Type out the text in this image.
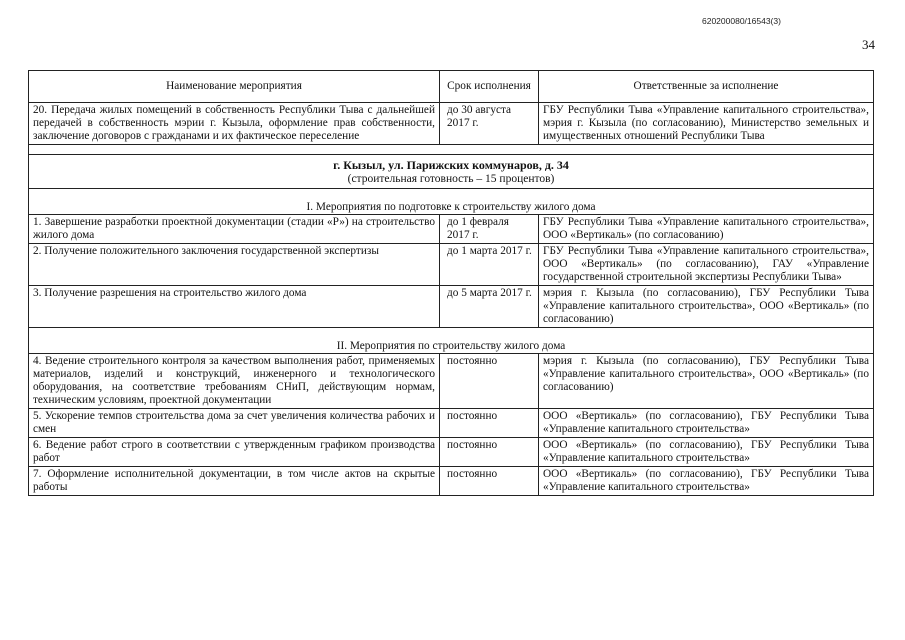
620200080/16543(3)
34
Наименование мероприятия	Срок исполнения	Ответственные за исполнение
20. Передача жилых помещений в собственность Республики Тыва с дальнейшей передачей в собственность мэрии г. Кызыла, оформление прав собственности, заключение договоров с гражданами и их фактическое переселение	до 30 августа 2017 г.	ГБУ Республики Тыва «Управление капитального строительства», мэрия г. Кызыла (по согласованию), Министерство земельных и имущественных отношений Республики Тыва

г. Кызыл, ул. Парижских коммунаров, д. 34
(строительная готовность – 15 процентов)		

I. Мероприятия по подготовке к строительству жилого дома		

1. Завершение разработки проектной документации (стадии «Р») на строительство жилого дома	до 1 февраля 2017 г.	ГБУ Республики Тыва «Управление капитального строительства», ООО «Вертикаль» (по согласованию)
2. Получение положительного заключения государственной экспертизы	до 1 марта 2017 г.	ГБУ Республики Тыва «Управление капитального строительства», ООО «Вертикаль» (по согласованию), ГАУ «Управление государственной строительной экспертизы Республики Тыва»
3. Получение разрешения на строительство жилого дома	до 5 марта 2017 г.	мэрия г. Кызыла (по согласованию), ГБУ Республики Тыва «Управление капитального строительства», ООО «Вертикаль» (по согласованию)

II. Мероприятия по строительству жилого дома		

4. Ведение строительного контроля за качеством выполнения работ, применяемых материалов, изделий и конструкций, инженерного и технологического оборудования, на соответствие требованиям СНиП, действующим нормам, техническим условиям, проектной документации	постоянно	мэрия г. Кызыла (по согласованию), ГБУ Республики Тыва «Управление капитального строительства», ООО «Вертикаль» (по согласованию)
5. Ускорение темпов строительства дома за счет увеличения количества рабочих и смен	постоянно	ООО «Вертикаль» (по согласованию), ГБУ Республики Тыва «Управление капитального строительства»
6. Ведение работ строго в соответствии с утвержденным графиком производства работ	постоянно	ООО «Вертикаль» (по согласованию), ГБУ Республики Тыва «Управление капитального строительства»
7. Оформление исполнительной документации, в том числе актов на скрытые работы	постоянно	ООО «Вертикаль» (по согласованию), ГБУ Республики Тыва «Управление капитального строительства»
